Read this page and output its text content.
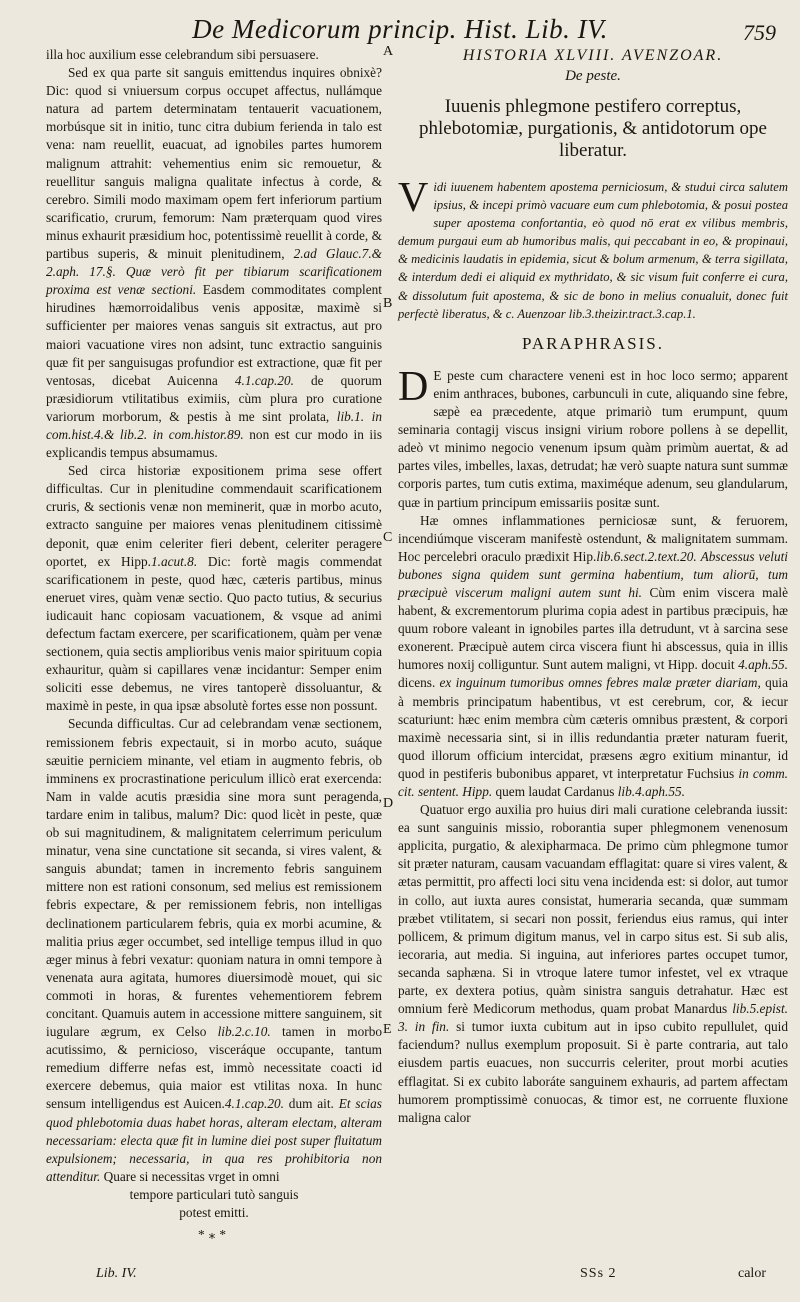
De Medicorum princip. Hist. Lib. IV.	759

illa hoc auxilium esse celebrandum sibi persuasere.

Sed ex qua parte sit sanguis emittendus inquires obnixè? Dic: quod si vniuersum corpus occupet affectus, nullámque natura ad partem determinatam tentauerit vacuationem, morbúsque sit in initio, tunc citra dubium ferienda in talo est vena: nam reuellit, euacuat, ad ignobiles partes humorem malignum attrahit: vehementius enim sic remouetur, & reuellitur sanguis maligna qualitate infectus à corde, & cerebro. Simili modo maximam opem fert inferiorum partium scarificatio, crurum, femorum: Nam præterquam quod vires minus exhaurit præsidium hoc, potentissimè reuellit à corde, & partibus superis, & minuit plenitudinem, 2.ad Glauc.7.& 2.aph. 17.§. Quæ verò fit per tibiarum scarificationem proxima est venæ sectioni. Easdem commoditates complent hirudines hæmorroidalibus venis appositæ, maximè si sufficienter per maiores venas sanguis sit extractus, aut pro maiori vacuatione vires non adsint, tunc extractio sanguinis quæ fit per sanguisugas profundior est extractione, quæ fit per ventosas, dicebat Auicenna 4.1.cap.20. de quorum præsidiorum vtilitatibus eximiis, cùm plura pro curatione variorum morborum, & pestis à me sint prolata, lib.1. in com.hist.4.& lib.2. in com.histor.89. non est cur modo in iis explicandis tempus absumamus.

Sed circa historiæ expositionem prima sese offert difficultas. Cur in plenitudine commendauit scarificationem cruris, & sectionis venæ non meminerit, quæ in morbo acuto, extracto sanguine per maiores venas plenitudinem citissimè deponit, quæ enim celeriter fieri debent, celeriter peragere oportet, ex Hipp.1.acut.8. Dic: fortè magis commendat scarificationem in peste, quod hæc, cæteris partibus, minus eneruet vires, quàm venæ sectio. Quo pacto tutius, & securius iudicauit hanc copiosam vacuationem, & vsque ad animi defectum factam exercere, per scarificationem, quàm per venæ sectionem, quia sectis amplioribus venis maior spirituum copia exhauritur, quàm si capillares venæ incidantur: Semper enim soliciti esse debemus, ne vires tantoperè dissoluantur, & maximè in peste, in qua ipsæ absolutè fortes esse non possunt.

Secunda difficultas. Cur ad celebrandam venæ sectionem, remissionem febris expectauit, si in morbo acuto, suáque sæuitie perniciem minante, vel etiam in augmento febris, ob imminens ex procrastinatione periculum illicò erat exercenda: Nam in valde acutis præsidia sine mora sunt peragenda, tardare enim in talibus, malum? Dic: quod licèt in peste, quæ ob sui magnitudinem, & malignitatem celerrimum periculum minatur, vena sine cunctatione sit secanda, si vires valent, & sanguis abundat; tamen in incremento febris sanguinem mittere non est rationi consonum, sed melius est remissionem febris expectare, & per remissionem febris, non intelligas declinationem particularem febris, quia ex morbi acumine, & malitia prius æger occumbet, sed intellige tempus illud in quo æger minus à febri vexatur: quoniam natura in omni tempore à venenata aura agitata, humores diuersimodè mouet, qui sic commoti in horas, & furentes vehementiorem febrem concitant. Quamuis autem in accessione mittere sanguinem, sit iugulare ægrum, ex Celso lib.2.c.10. tamen in morbo acutissimo, & pernicioso, visceráque occupante, tantum remedium differre nefas est, immò necessitate coacti id exercere debemus, quia maior est vtilitas noxa. In hunc sensum intelligendus est Auicen.4.1.cap.20. dum ait. Et scias quod phlebotomia duas habet horas, alteram electam, alteram necessariam: electa quæ fit in lumine diei post super fluitatum expulsionem; necessaria, in qua res prohibitoria non attenditur. Quare si necessitas vrget in omni

tempore particulari tutò sanguis

potest emitti.

*⁎*

A
B
C
D
E

HISTORIA XLVIII. AVENZOAR.

De peste.

Iuuenis phlegmone pestifero correptus, phlebotomiæ, purgationis, & antidotorum ope liberatur.

Vidi iuuenem habentem apostema perniciosum, & studui circa salutem ipsius, & incepi primò vacuare eum cum phlebotomia, & posui postea super apostema confortantia, eò quod nō erat ex vilibus membris, demum purgaui eum ab humoribus malis, qui peccabant in eo, & propinaui, & medicinis laudatis in epidemia, sicut & bolum armenum, & terra sigillata, & interdum dedi ei aliquid ex mythridato, & sic visum fuit conferre ei cura, & dissolutum fuit apostema, & sic de bono in melius conualuit, donec fuit perfectè liberatus, & c. Auenzoar lib.3.theizir.tract.3.cap.1.

PARAPHRASIS.

D E peste cum charactere veneni est in hoc loco sermo; apparent enim anthraces, bubones, carbunculi in cute, aliquando sine febre, sæpè ea præcedente, atque primariò tum erumpunt, quum seminaria contagij viscus insigni virium robore pollens à se depellit, adeò vt minimo negocio venenum ipsum quàm primùm auertat, & ad partes viles, imbelles, laxas, detrudat; hæ verò suapte natura sunt summæ corporis partes, tum cutis extima, maximéque adenum, seu glandularum, quæ in partium principum emissariis positæ sunt.

Hæ omnes inflammationes perniciosæ sunt, & feruorem, incendiúmque visceram manifestè ostendunt, & malignitatem summam. Hoc percelebri oraculo prædixit Hip.lib.6.sect.2.text.20. Abscessus veluti bubones signa quidem sunt germina habentium, tum aliorū, tum præcipuè viscerum maligni autem sunt hi. Cùm enim viscera malè habent, & excrementorum plurima copia adest in partibus præcipuis, hæ quum robore valeant in ignobiles partes illa detrudunt, vt à sarcina sese exonerent. Præcipuè autem circa viscera fiunt hi abscessus, quia in illis humores noxij colliguntur. Sunt autem maligni, vt Hipp. docuit 4.aph.55. dicens. ex inguinum tumoribus omnes febres malæ præter diariam, quia à membris principatum habentibus, vt est cerebrum, cor, & iecur scaturiunt: hæc enim membra cùm cæteris omnibus præstent, & corpori maximè necessaria sint, si in illis redundantia præter naturam fuerit, quod illorum officium intercidat, præsens ægro exitium minantur, id quod in pestiferis bubonibus apparet, vt interpretatur Fuchsius in comm. cit. sentent. Hipp. quem laudat Cardanus lib.4.aph.55.

Quatuor ergo auxilia pro huius diri mali curatione celebranda iussit: ea sunt sanguinis missio, roborantia super phlegmonem venenosum applicita, purgatio, & alexipharmaca. De primo cùm phlegmone tumor sit præter naturam, causam vacuandam efflagitat: quare si vires valent, & ætas permittit, pro affecti loci situ vena incidenda est: si dolor, aut tumor in collo, aut iuxta aures consistat, humeraria secanda, quæ summam præbet vtilitatem, si secari non possit, feriendus eius ramus, qui inter pollicem, & primum digitum manus, vel in carpo situs est. Si sub alis, iecoraria, aut media. Si inguina, aut inferiores partes occupet tumor, secanda saphæna. Si in vtroque latere tumor infestet, vel ex vtraque parte, ex dextera potius, quàm sinistra sanguis detrahatur. Hæc est omnium ferè Medicorum methodus, quam probat Manardus lib.5.epist. 3. in fin. si tumor iuxta cubitum aut in ipso cubito repullulet, quid faciendum? nullus exemplum proposuit. Si è parte contraria, aut talo eiusdem partis euacues, non succurris celeriter, prout morbi acuties efflagitat. Si ex cubito laboráte sanguinem exhauris, ad partem affectam humorem promptissimè conuocas, & timor est, ne corruente fluxione maligna calor

Lib. IV.	SSs 2	calor
